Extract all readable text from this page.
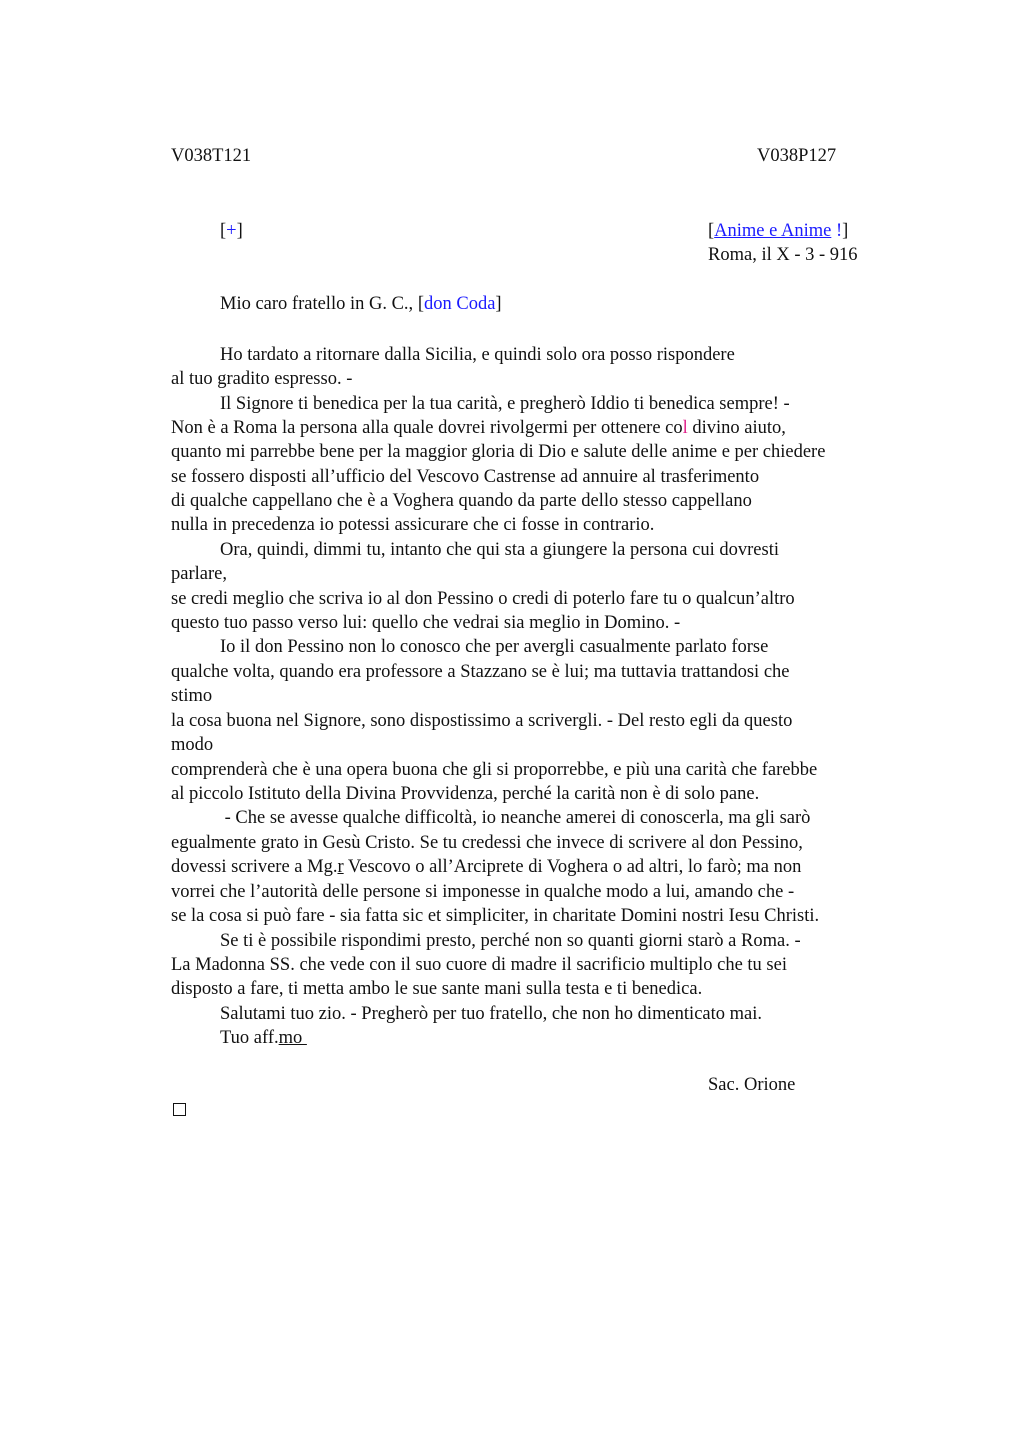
V038T121	V038P127
[+]	[Anime e Anime !]
Roma, il X - 3 - 916
Mio caro fratello in G. C., [don Coda]
Ho tardato a ritornare dalla Sicilia, e quindi solo ora posso rispondere
al tuo gradito espresso. -
Il Signore ti benedica per la tua carità, e pregherò Iddio ti benedica sempre! -
Non è a Roma la persona alla quale dovrei rivolgermi per ottenere col divino aiuto,
quanto mi parrebbe bene per la maggior gloria di Dio e salute delle anime e per chiedere
se fossero disposti all’ufficio del Vescovo Castrense ad annuire al trasferimento
di qualche cappellano che è a Voghera quando da parte dello stesso cappellano
nulla in precedenza io potessi assicurare che ci fosse in contrario.
Ora, quindi, dimmi tu, intanto che qui sta a giungere la persona cui dovresti
parlare,
se credi meglio che scriva io al don Pessino o credi di poterlo fare tu o qualcun’altro
questo tuo passo verso lui: quello che vedrai sia meglio in Domino. -
Io il don Pessino non lo conosco che per avergli casualmente parlato forse
qualche volta, quando era professore a Stazzano se è lui; ma tuttavia trattandosi che
stimo
la cosa buona nel Signore, sono dispostissimo a scrivergli. - Del resto egli da questo
modo
comprenderà che è una opera buona che gli si proporrebbe, e più una carità che farebbe
al piccolo Istituto della Divina Provvidenza, perché la carità non è di solo pane.
- Che se avesse qualche difficoltà, io neanche amerei di conoscerla, ma gli sarò
egualmente grato in Gesù Cristo. Se tu credessi che invece di scrivere al don Pessino,
dovessi scrivere a Mg.r Vescovo o all’Arciprete di Voghera o ad altri, lo farò; ma non
vorrei che l’autorità delle persone si imponesse in qualche modo a lui, amando che -
se la cosa si può fare - sia fatta sic et simpliciter, in charitate Domini nostri Iesu Christi.
Se ti è possibile rispondimi presto, perché non so quanti giorni starò a Roma. -
La Madonna SS. che vede con il suo cuore di madre il sacrificio multiplo che tu sei
disposto a fare, ti metta ambo le sue sante mani sulla testa e ti benedica.
Salutami tuo zio. - Pregherò per tuo fratello, che non ho dimenticato mai.
Tuo aff.mo
Sac. Orione
